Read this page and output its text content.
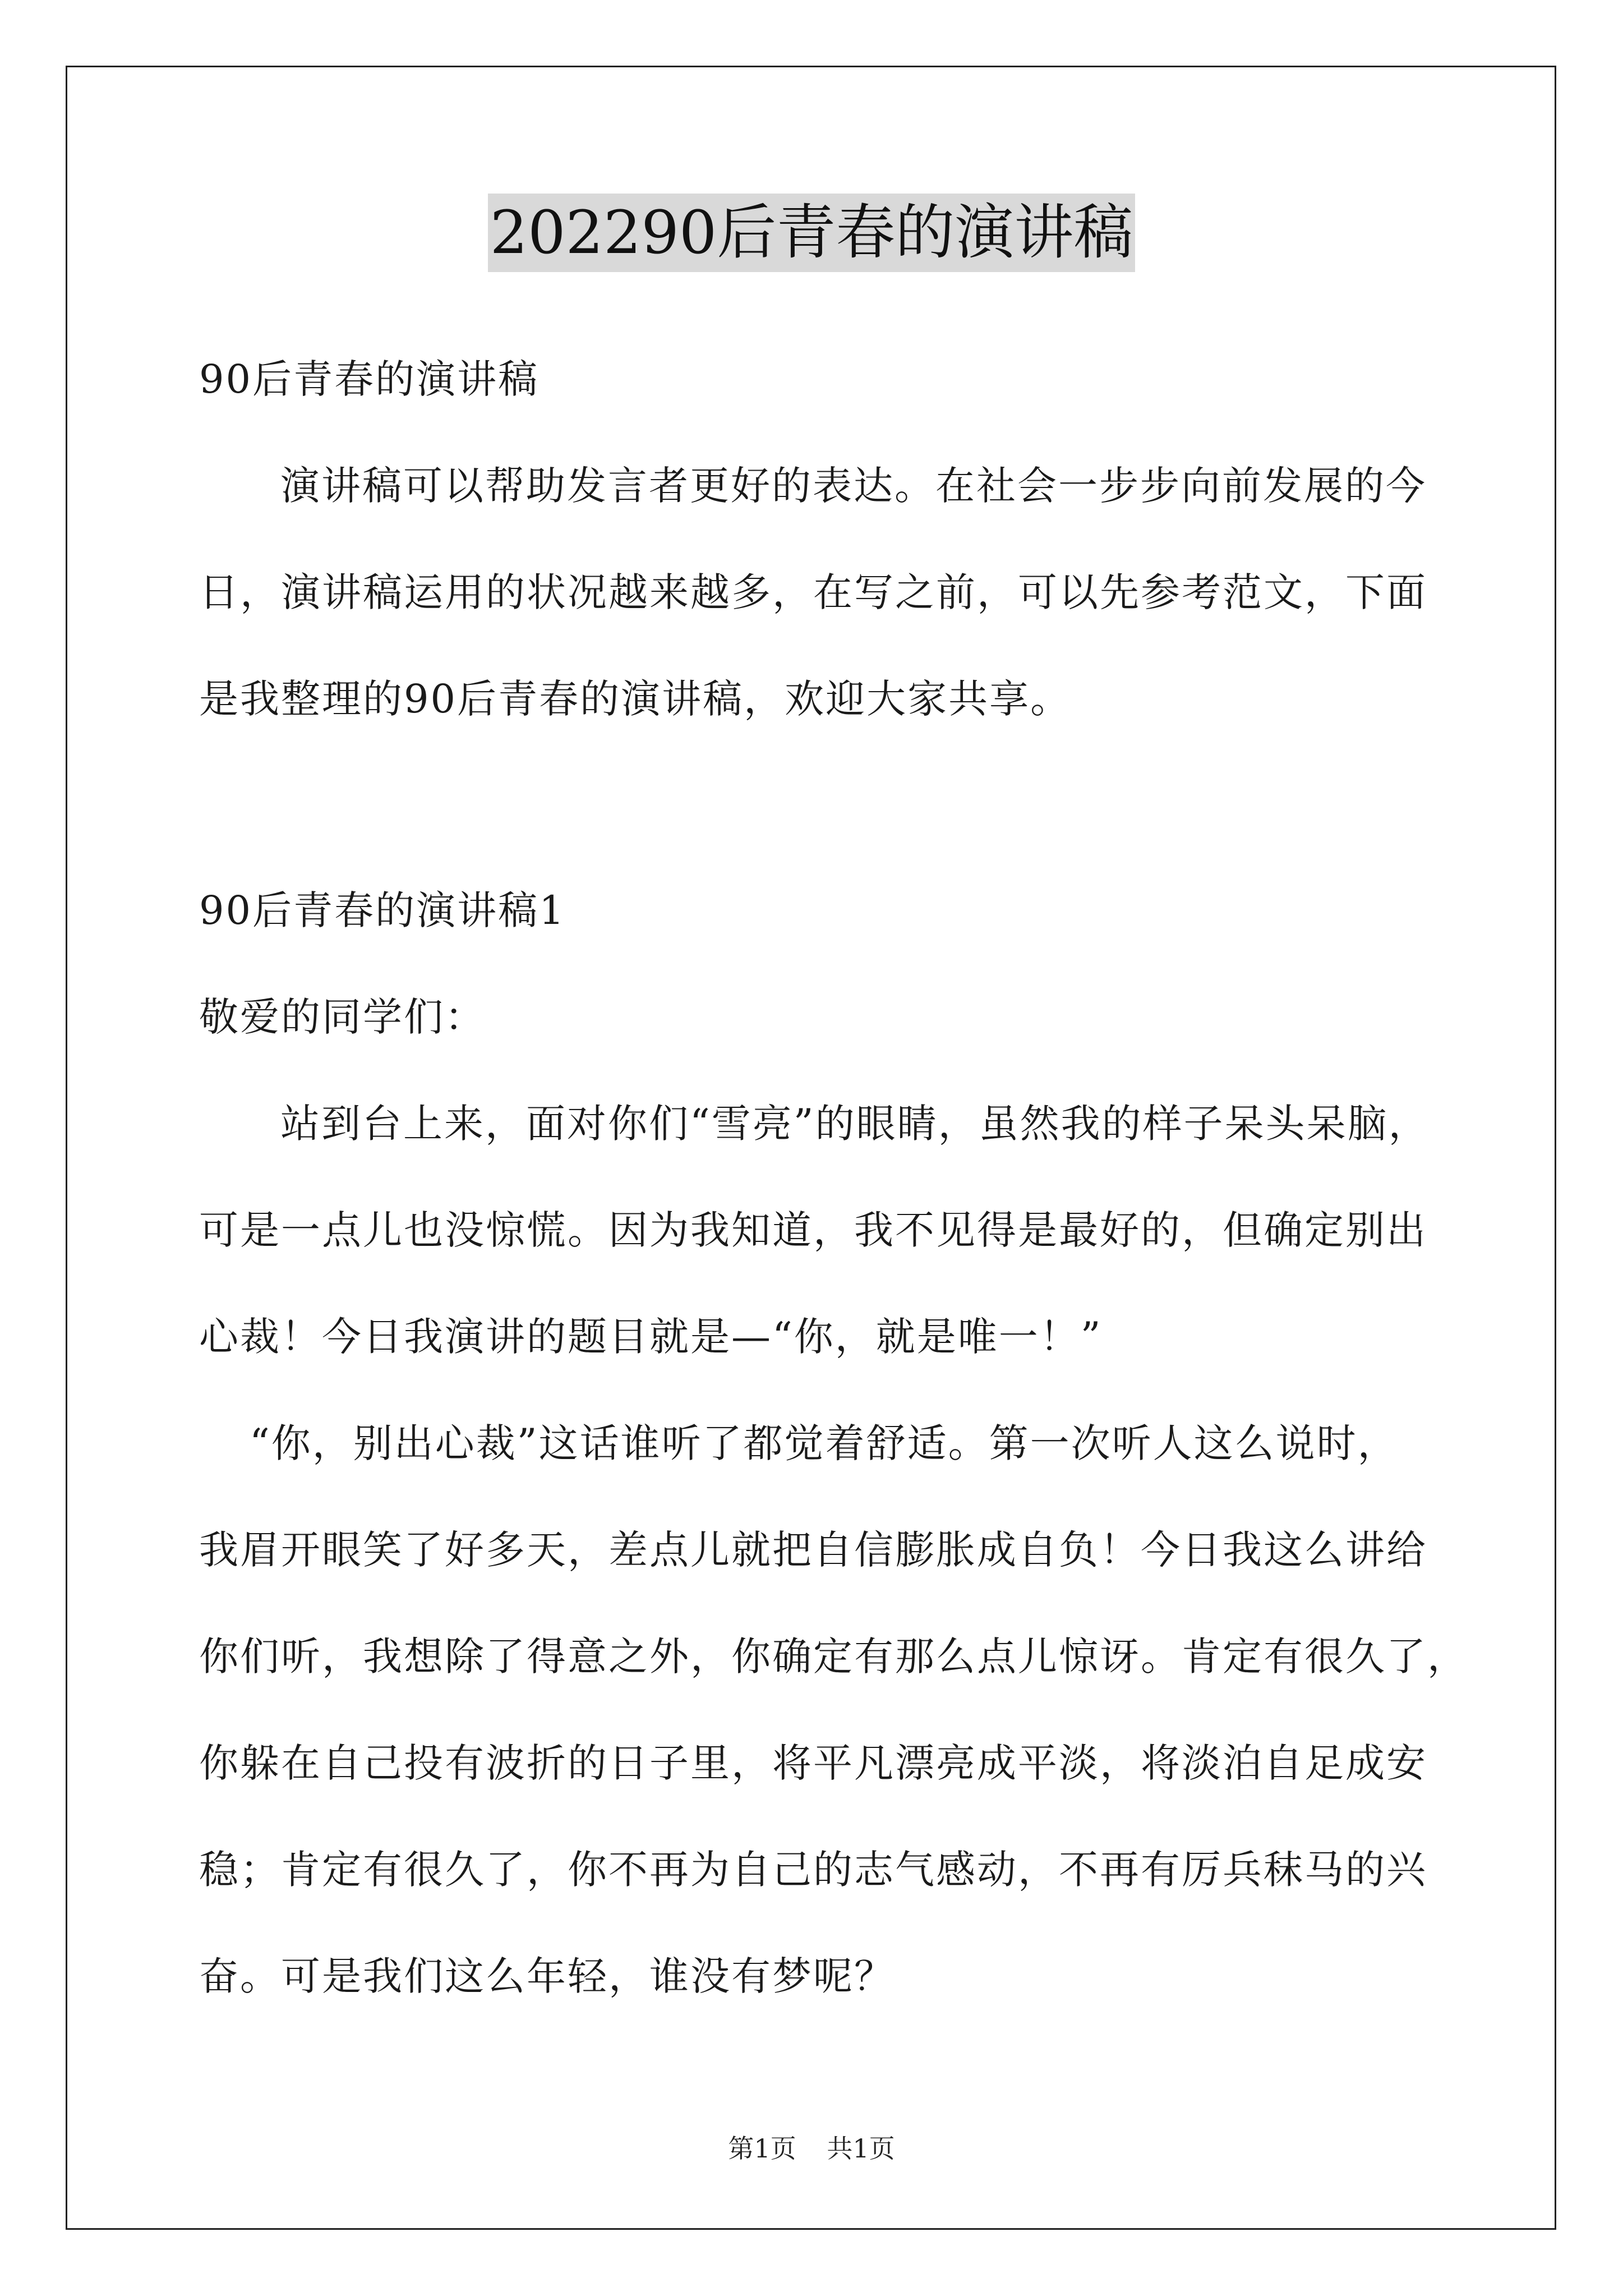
202290后青春的演讲稿
90后青春的演讲稿
演讲稿可以帮助发言者更好的表达。在社会一步步向前发展的今
日，演讲稿运用的状况越来越多，在写之前，可以先参考范文，下面
是我整理的90后青春的演讲稿，欢迎大家共享。
90后青春的演讲稿1
敬爱的同学们：
站到台上来，面对你们“雪亮”的眼睛，虽然我的样子呆头呆脑，
可是一点儿也没惊慌。因为我知道，我不见得是最好的，但确定别出
心裁！今日我演讲的题目就是—“你，就是唯一！”
“你，别出心裁”这话谁听了都觉着舒适。第一次听人这么说时，
我眉开眼笑了好多天，差点儿就把自信膨胀成自负！今日我这么讲给
你们听，我想除了得意之外，你确定有那么点儿惊讶。肯定有很久了，
你躲在自己投有波折的日子里，将平凡漂亮成平淡，将淡泊自足成安
稳；肯定有很久了，你不再为自己的志气感动，不再有厉兵秣马的兴
奋。可是我们这么年轻，谁没有梦呢？
第1页 共1页
